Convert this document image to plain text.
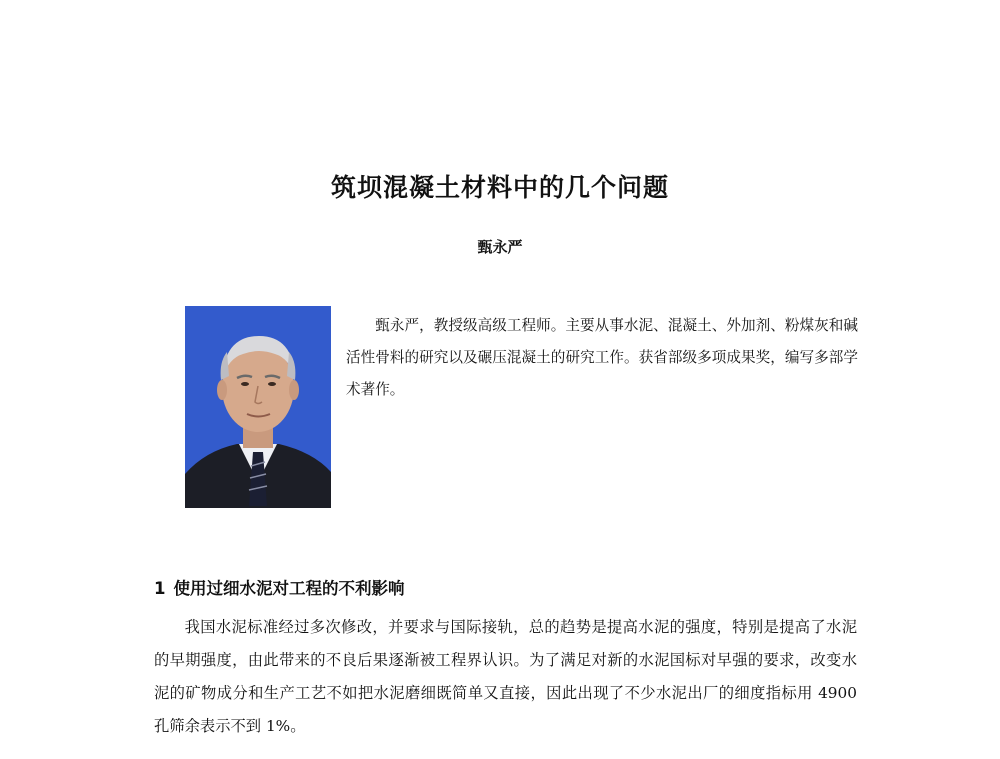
筑坝混凝土材料中的几个问题
甄永严
甄永严，教授级高级工程师。主要从事水泥、混凝土、外加剂、粉煤灰和碱活性骨料的研究以及碾压混凝土的研究工作。获省部级多项成果奖，编写多部学术著作。
1 使用过细水泥对工程的不利影响
我国水泥标准经过多次修改，并要求与国际接轨，总的趋势是提高水泥的强度，特别是提高了水泥的早期强度，由此带来的不良后果逐渐被工程界认识。为了满足对新的水泥国标对早强的要求，改变水泥的矿物成分和生产工艺不如把水泥磨细既简单又直接，因此出现了不少水泥出厂的细度指标用 4900 孔筛余表示不到 1%。
